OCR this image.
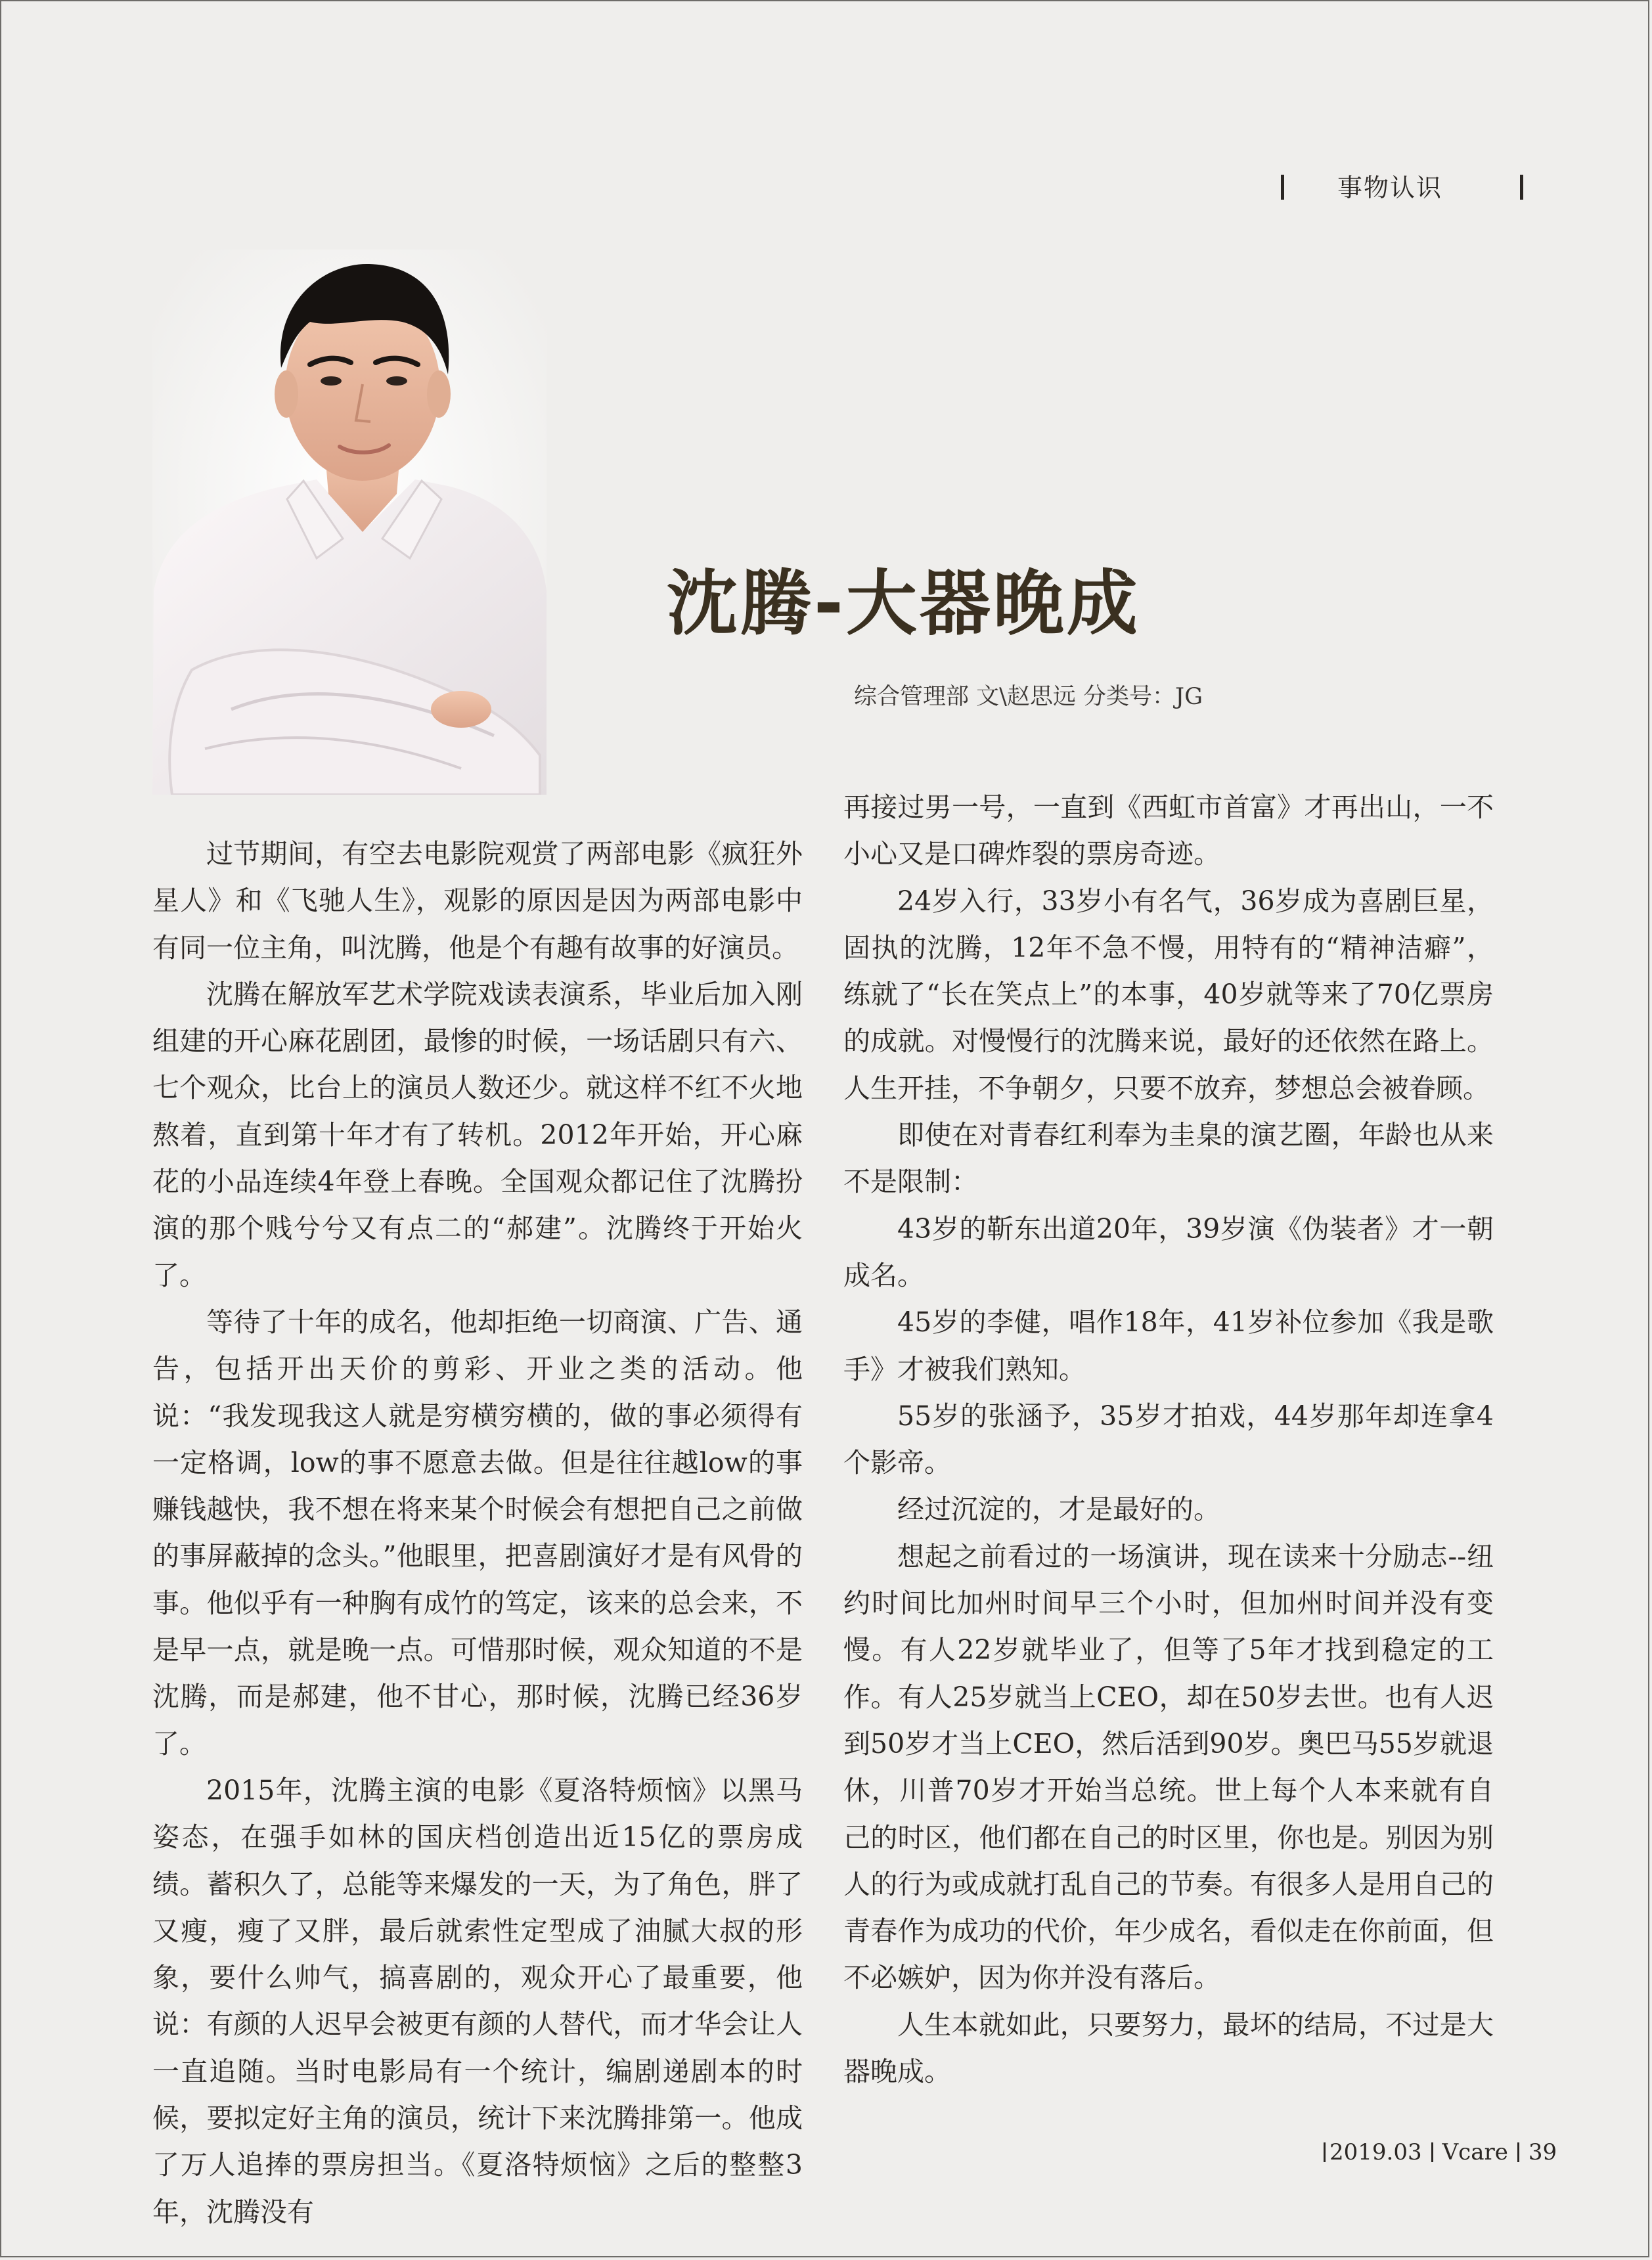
事物认识
沈腾-大器晚成
综合管理部 文\赵思远 分类号：JG

过节期间，有空去电影院观赏了两部电影《疯狂外星人》和《飞驰人生》，观影的原因是因为两部电影中有同一位主角，叫沈腾，他是个有趣有故事的好演员。

沈腾在解放军艺术学院戏读表演系，毕业后加入刚组建的开心麻花剧团，最惨的时候，一场话剧只有六、七个观众，比台上的演员人数还少。就这样不红不火地熬着，直到第十年才有了转机。2012年开始，开心麻花的小品连续4年登上春晚。全国观众都记住了沈腾扮演的那个贱兮兮又有点二的“郝建”。沈腾终于开始火了。

等待了十年的成名，他却拒绝一切商演、广告、通告，包括开出天价的剪彩、开业之类的活动。他说：“我发现我这人就是穷横穷横的，做的事必须得有一定格调，low的事不愿意去做。但是往往越low的事赚钱越快，我不想在将来某个时候会有想把自己之前做的事屏蔽掉的念头。”他眼里，把喜剧演好才是有风骨的事。他似乎有一种胸有成竹的笃定，该来的总会来，不是早一点，就是晚一点。可惜那时候，观众知道的不是沈腾，而是郝建，他不甘心，那时候，沈腾已经36岁了。

2015年，沈腾主演的电影《夏洛特烦恼》以黑马姿态，在强手如林的国庆档创造出近15亿的票房成绩。蓄积久了，总能等来爆发的一天，为了角色，胖了又瘦，瘦了又胖，最后就索性定型成了油腻大叔的形象，要什么帅气，搞喜剧的，观众开心了最重要，他说：有颜的人迟早会被更有颜的人替代，而才华会让人一直追随。当时电影局有一个统计，编剧递剧本的时候，要拟定好主角的演员，统计下来沈腾排第一。他成了万人追捧的票房担当。《夏洛特烦恼》之后的整整3年，沈腾没有

再接过男一号，一直到《西虹市首富》才再出山，一不小心又是口碑炸裂的票房奇迹。

24岁入行，33岁小有名气，36岁成为喜剧巨星，固执的沈腾，12年不急不慢，用特有的“精神洁癖”，练就了“长在笑点上”的本事，40岁就等来了70亿票房的成就。对慢慢行的沈腾来说，最好的还依然在路上。人生开挂，不争朝夕，只要不放弃，梦想总会被眷顾。

即使在对青春红利奉为圭臬的演艺圈，年龄也从来不是限制：

43岁的靳东出道20年，39岁演《伪装者》才一朝成名。

45岁的李健，唱作18年，41岁补位参加《我是歌手》才被我们熟知。

55岁的张涵予，35岁才拍戏，44岁那年却连拿4个影帝。

经过沉淀的，才是最好的。

想起之前看过的一场演讲，现在读来十分励志--纽约时间比加州时间早三个小时，但加州时间并没有变慢。有人22岁就毕业了，但等了5年才找到稳定的工作。有人25岁就当上CEO，却在50岁去世。也有人迟到50岁才当上CEO，然后活到90岁。奥巴马55岁就退休，川普70岁才开始当总统。世上每个人本来就有自己的时区，他们都在自己的时区里，你也是。别因为别人的行为或成就打乱自己的节奏。有很多人是用自己的青春作为成功的代价，年少成名，看似走在你前面，但不必嫉妒，因为你并没有落后。

人生本就如此，只要努力，最坏的结局，不过是大器晚成。

2019.03 Vcare 39
